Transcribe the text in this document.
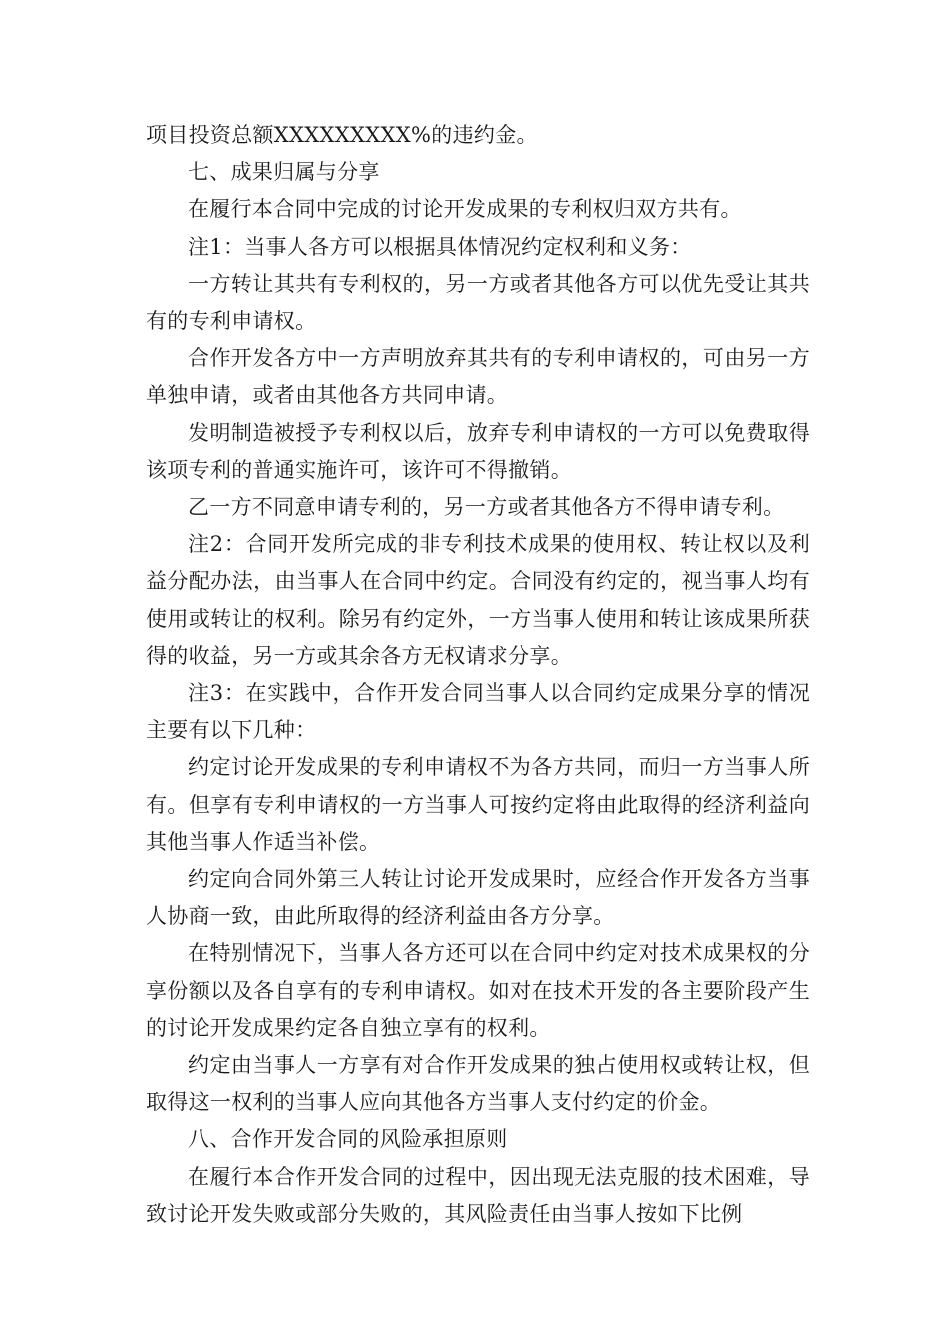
项目投资总额XXXXXXXXX%的违约金。

七、成果归属与分享

在履行本合同中完成的讨论开发成果的专利权归双方共有。

注1：当事人各方可以根据具体情况约定权利和义务：

一方转让其共有专利权的，另一方或者其他各方可以优先受让其共有的专利申请权。

合作开发各方中一方声明放弃其共有的专利申请权的，可由另一方单独申请，或者由其他各方共同申请。

发明制造被授予专利权以后，放弃专利申请权的一方可以免费取得该项专利的普通实施许可，该许可不得撤销。

乙一方不同意申请专利的，另一方或者其他各方不得申请专利。

注2：合同开发所完成的非专利技术成果的使用权、转让权以及利益分配办法，由当事人在合同中约定。合同没有约定的，视当事人均有使用或转让的权利。除另有约定外，一方当事人使用和转让该成果所获得的收益，另一方或其余各方无权请求分享。

注3：在实践中，合作开发合同当事人以合同约定成果分享的情况主要有以下几种：

约定讨论开发成果的专利申请权不为各方共同，而归一方当事人所有。但享有专利申请权的一方当事人可按约定将由此取得的经济利益向其他当事人作适当补偿。

约定向合同外第三人转让讨论开发成果时，应经合作开发各方当事人协商一致，由此所取得的经济利益由各方分享。

在特别情况下，当事人各方还可以在合同中约定对技术成果权的分享份额以及各自享有的专利申请权。如对在技术开发的各主要阶段产生的讨论开发成果约定各自独立享有的权利。

约定由当事人一方享有对合作开发成果的独占使用权或转让权，但取得这一权利的当事人应向其他各方当事人支付约定的价金。

八、合作开发合同的风险承担原则

在履行本合作开发合同的过程中，因出现无法克服的技术困难，导致讨论开发失败或部分失败的，其风险责任由当事人按如下比例
